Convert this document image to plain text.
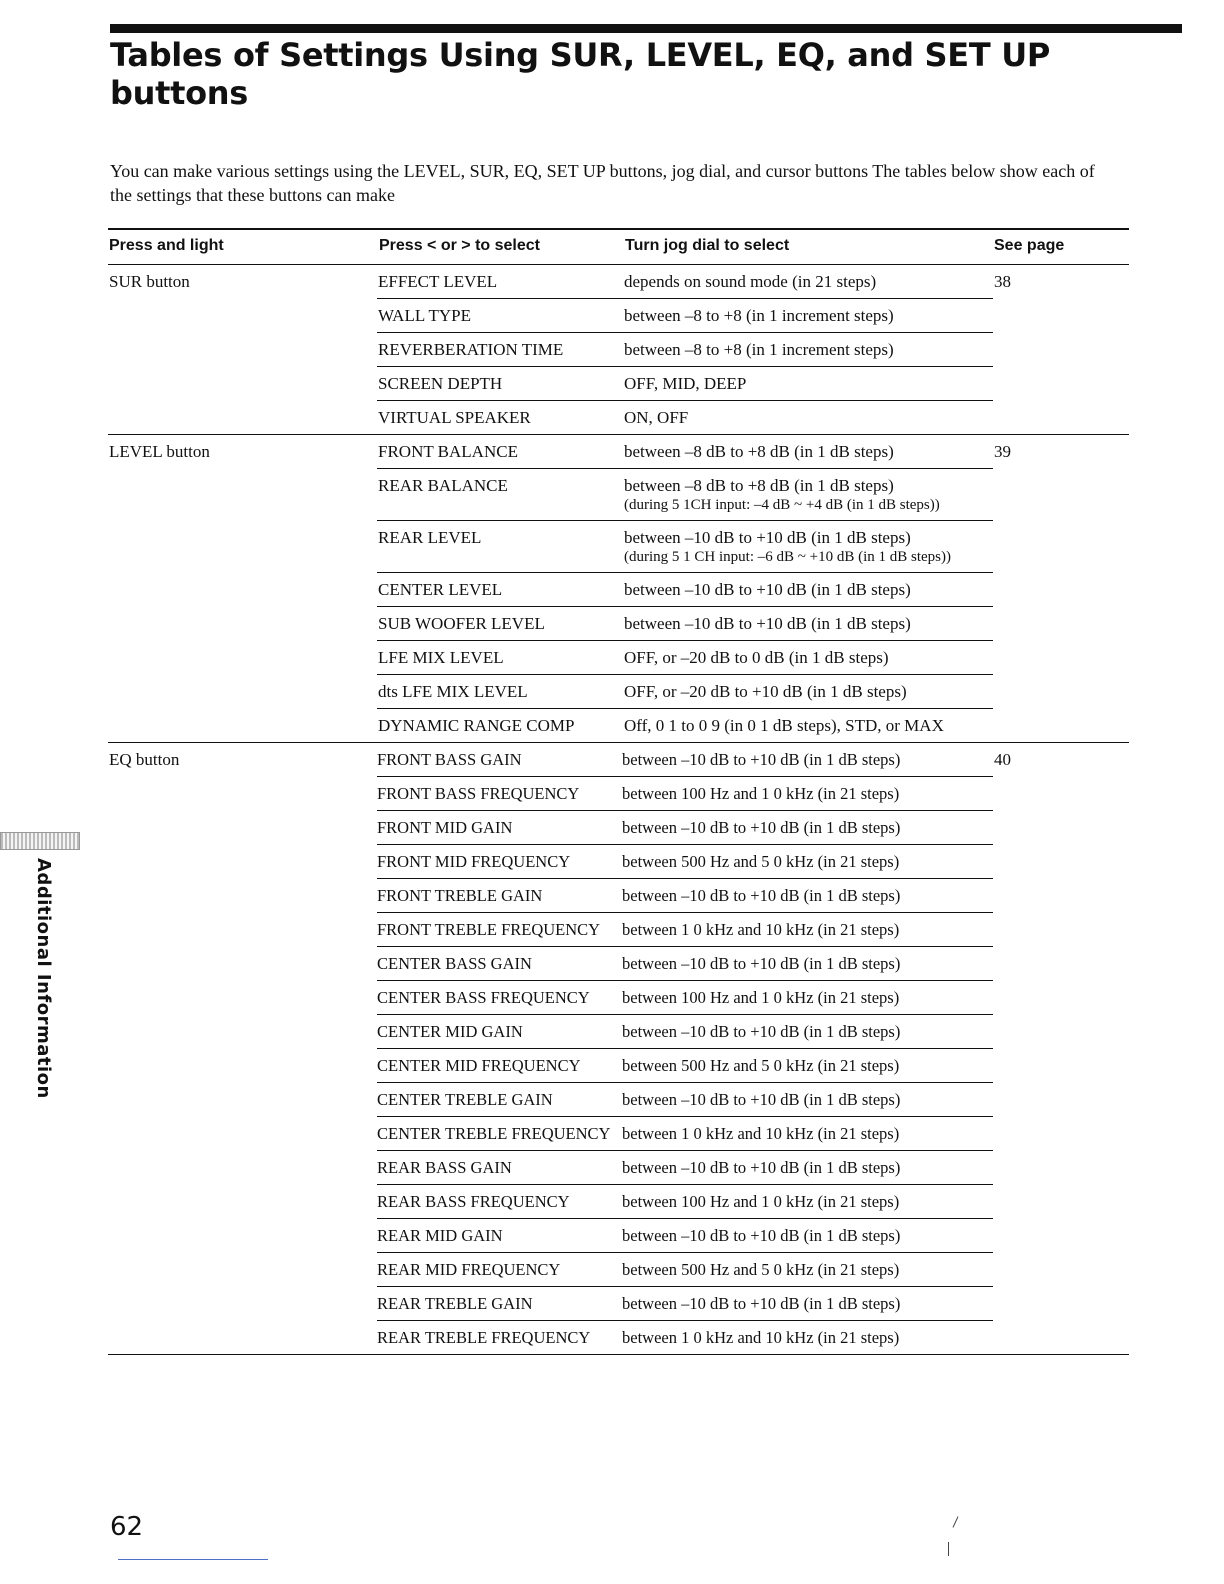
Tables of Settings Using SUR, LEVEL, EQ, and SET UP buttons

You can make various settings using the LEVEL, SUR, EQ, SET UP buttons, jog dial, and cursor buttons The tables below show each of the settings that these buttons can make

Press and light	Press < or > to select	Turn jog dial to select	See page
SUR button	38
EFFECT LEVEL	depends on sound mode (in 21 steps)
WALL TYPE	between –8 to +8 (in 1 increment steps)
REVERBERATION TIME	between –8 to +8 (in 1 increment steps)
SCREEN DEPTH	OFF, MID, DEEP
VIRTUAL SPEAKER	ON, OFF
LEVEL button	39
FRONT BALANCE	between –8 dB to +8 dB (in 1 dB steps)
REAR BALANCE	between –8 dB to +8 dB (in 1 dB steps)
(during 5 1CH input: –4 dB ~ +4 dB (in 1 dB steps))
REAR LEVEL	between –10 dB to +10 dB (in 1 dB steps)
(during 5 1 CH input: –6 dB ~ +10 dB (in 1 dB steps))
CENTER LEVEL	between –10 dB to +10 dB (in 1 dB steps)
SUB WOOFER LEVEL	between –10 dB to +10 dB (in 1 dB steps)
LFE MIX LEVEL	OFF, or –20 dB to 0 dB (in 1 dB steps)
dts LFE MIX LEVEL	OFF, or –20 dB to +10 dB (in 1 dB steps)
DYNAMIC RANGE COMP	Off, 0 1 to 0 9 (in 0 1 dB steps), STD, or MAX
EQ button	40
FRONT BASS GAIN	between –10 dB to +10 dB (in 1 dB steps)
FRONT BASS FREQUENCY	between 100 Hz and 1 0 kHz (in 21 steps)
FRONT MID GAIN	between –10 dB to +10 dB (in 1 dB steps)
FRONT MID FREQUENCY	between 500 Hz and 5 0 kHz (in 21 steps)
FRONT TREBLE GAIN	between –10 dB to +10 dB (in 1 dB steps)
FRONT TREBLE FREQUENCY	between 1 0 kHz and 10 kHz (in 21 steps)
CENTER BASS GAIN	between –10 dB to +10 dB (in 1 dB steps)
CENTER BASS FREQUENCY	between 100 Hz and 1 0 kHz (in 21 steps)
CENTER MID GAIN	between –10 dB to +10 dB (in 1 dB steps)
CENTER MID FREQUENCY	between 500 Hz and 5 0 kHz (in 21 steps)
CENTER TREBLE GAIN	between –10 dB to +10 dB (in 1 dB steps)
CENTER TREBLE FREQUENCY between 1 0 kHz and 10 kHz (in 21 steps)
REAR BASS GAIN	between –10 dB to +10 dB (in 1 dB steps)
REAR BASS FREQUENCY	between 100 Hz and 1 0 kHz (in 21 steps)
REAR MID GAIN	between –10 dB to +10 dB (in 1 dB steps)
REAR MID FREQUENCY	between 500 Hz and 5 0 kHz (in 21 steps)
REAR TREBLE GAIN	between –10 dB to +10 dB (in 1 dB steps)
REAR TREBLE FREQUENCY	between 1 0 kHz and 10 kHz (in 21 steps)
Additional Information
62
